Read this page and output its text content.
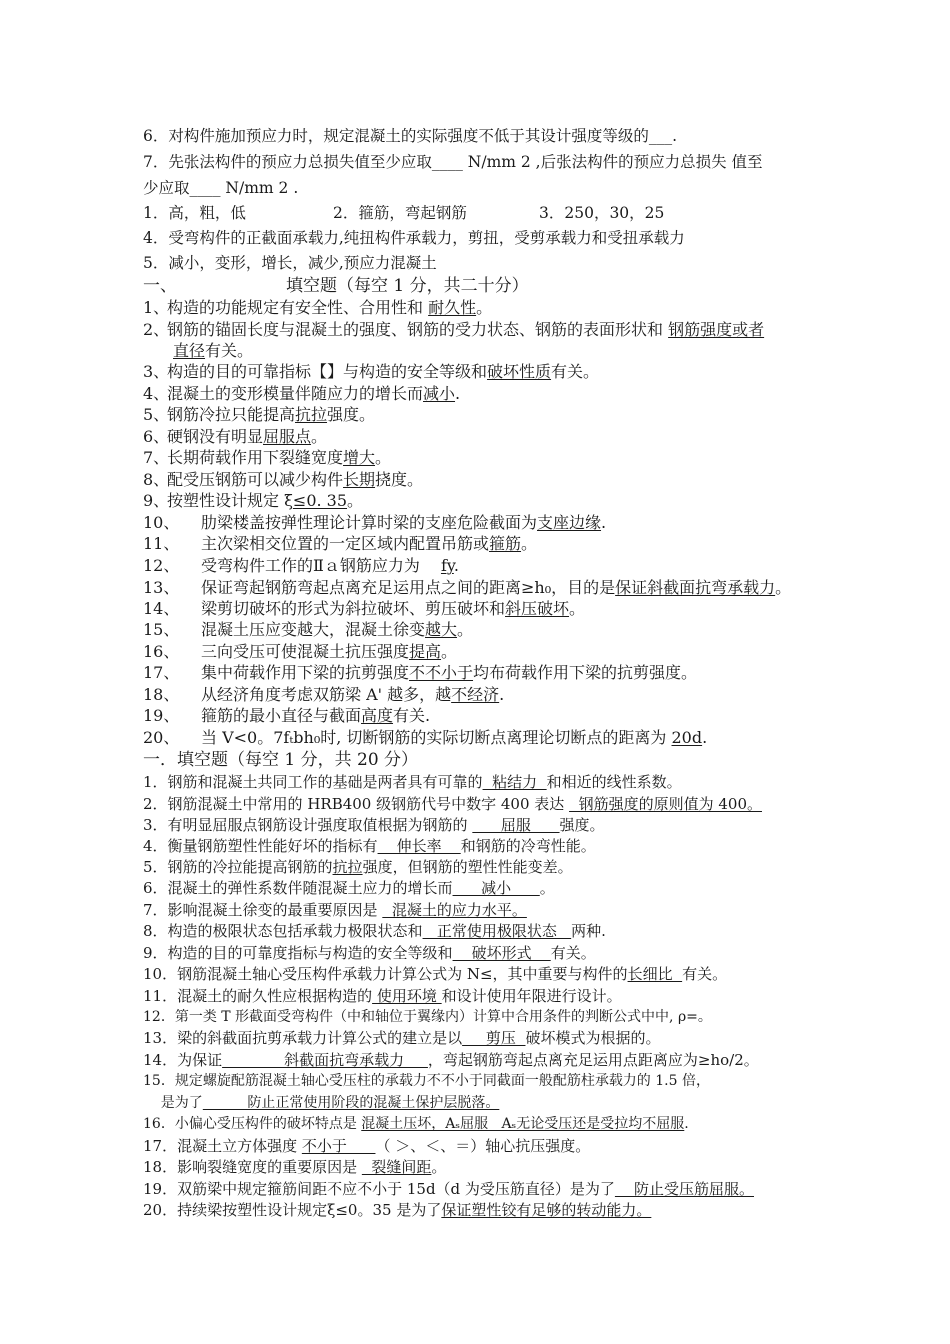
6．对构件施加预应力时，规定混凝土的实际强度不低于其设计强度等级的___.
7．先张法构件的预应力总损失值至少应取____ N/mm 2 ,后张法构件的预应力总损失 值至
少应取____ N/mm 2 .
1．高，粗，低	2．箍筋，弯起钢筋	3．250，30，25
4．受弯构件的正截面承载力,纯扭构件承载力，剪扭，受剪承载力和受扭承载力
5．减小，变形，增长，减少,预应力混凝土
一、	填空题（每空 1 分，共二十分）
1、构造的功能规定有安全性、合用性和 耐久性。
2、钢筋的锚固长度与混凝土的强度、钢筋的受力状态、钢筋的表面形状和 钢筋强度或者
直径有关。
3、构造的目的可靠指标【】与构造的安全等级和破坏性质有关。
4、混凝土的变形模量伴随应力的增长而减小.
5、钢筋冷拉只能提高抗拉强度。
6、硬钢没有明显屈服点。
7、长期荷载作用下裂缝宽度增大。
8、配受压钢筋可以减少构件长期挠度。
9、按塑性设计规定 ξ≤0. 35。
10、 肋梁楼盖按弹性理论计算时梁的支座危险截面为支座边缘.
11、 主次梁相交位置的一定区域内配置吊筋或箍筋。
12、 受弯构件工作的Ⅱａ钢筋应力为　 fy.
13、 保证弯起钢筋弯起点离充足运用点之间的距离≥h₀，目的是保证斜截面抗弯承载力。
14、 梁剪切破坏的形式为斜拉破坏、剪压破坏和斜压破坏。
15、 混凝土压应变越大，混凝土徐变越大。
16、 三向受压可使混凝土抗压强度提高。
17、 集中荷载作用下梁的抗剪强度不不小于均布荷载作用下梁的抗剪强度。
18、 从经济角度考虑双筋梁 A' 越多，越不经济.
19、 箍筋的最小直径与截面高度有关.
20、 当 V<0。7fₜbh₀时, 切断钢筋的实际切断点离理论切断点的距离为 20d.
一．填空题（每空 1 分，共 20 分）
1．钢筋和混凝土共同工作的基础是两者具有可靠的  粘结力  和相近的线性系数。
2．钢筋混凝土中常用的 HRB400 级钢筋代号中数字 400 表达   钢筋强度的原则值为 400。
3．有明显屈服点钢筋设计强度取值根据为钢筋的       屈服      强度。
4．衡量钢筋塑性性能好坏的指标有    伸长率    和钢筋的冷弯性能。
5．钢筋的冷拉能提高钢筋的抗拉强度，但钢筋的塑性性能变差。
6．混凝土的弹性系数伴随混凝土应力的增长而      减小      。
7．影响混凝土徐变的最重要原因是   混凝土的应力水平。
8．构造的极限状态包括承载力极限状态和   正常使用极限状态   两种.
9．构造的目的可靠度指标与构造的安全等级和    破坏形式    有关。
10．钢筋混凝土轴心受压构件承载力计算公式为 N≤，其中重要与构件的长细比  有关。
11．混凝土的耐久性应根据构造的 使用环境 和设计使用年限进行设计。
12．第一类 T 形截面受弯构件（中和轴位于翼缘内）计算中合用条件的判断公式中中, ρ=。
13．梁的斜截面抗剪承载力计算公式的建立是以     剪压  破坏模式为根据的。
14．为保证             斜截面抗弯承载力     ，弯起钢筋弯起点离充足运用点距离应为≥ho/2。
15．规定螺旋配筋混凝土轴心受压柱的承载力不不小于同截面一般配筋柱承载力的 1.5 倍，
是为了          防止正常使用阶段的混凝土保护层脱落。
16．小偏心受压构件的破坏特点是 混凝土压坏，Aₛ屈服   Aₛ无论受压还是受拉均不屈服.
17．混凝土立方体强度 不小于      （ ＞、＜、＝）轴心抗压强度。
18．影响裂缝宽度的重要原因是   裂缝间距。
19．双筋梁中规定箍筋间距不应不小于 15d（d 为受压筋直径）是为了    防止受压筋屈服。
20．持续梁按塑性设计规定ξ≤0。35 是为了保证塑性铰有足够的转动能力。
